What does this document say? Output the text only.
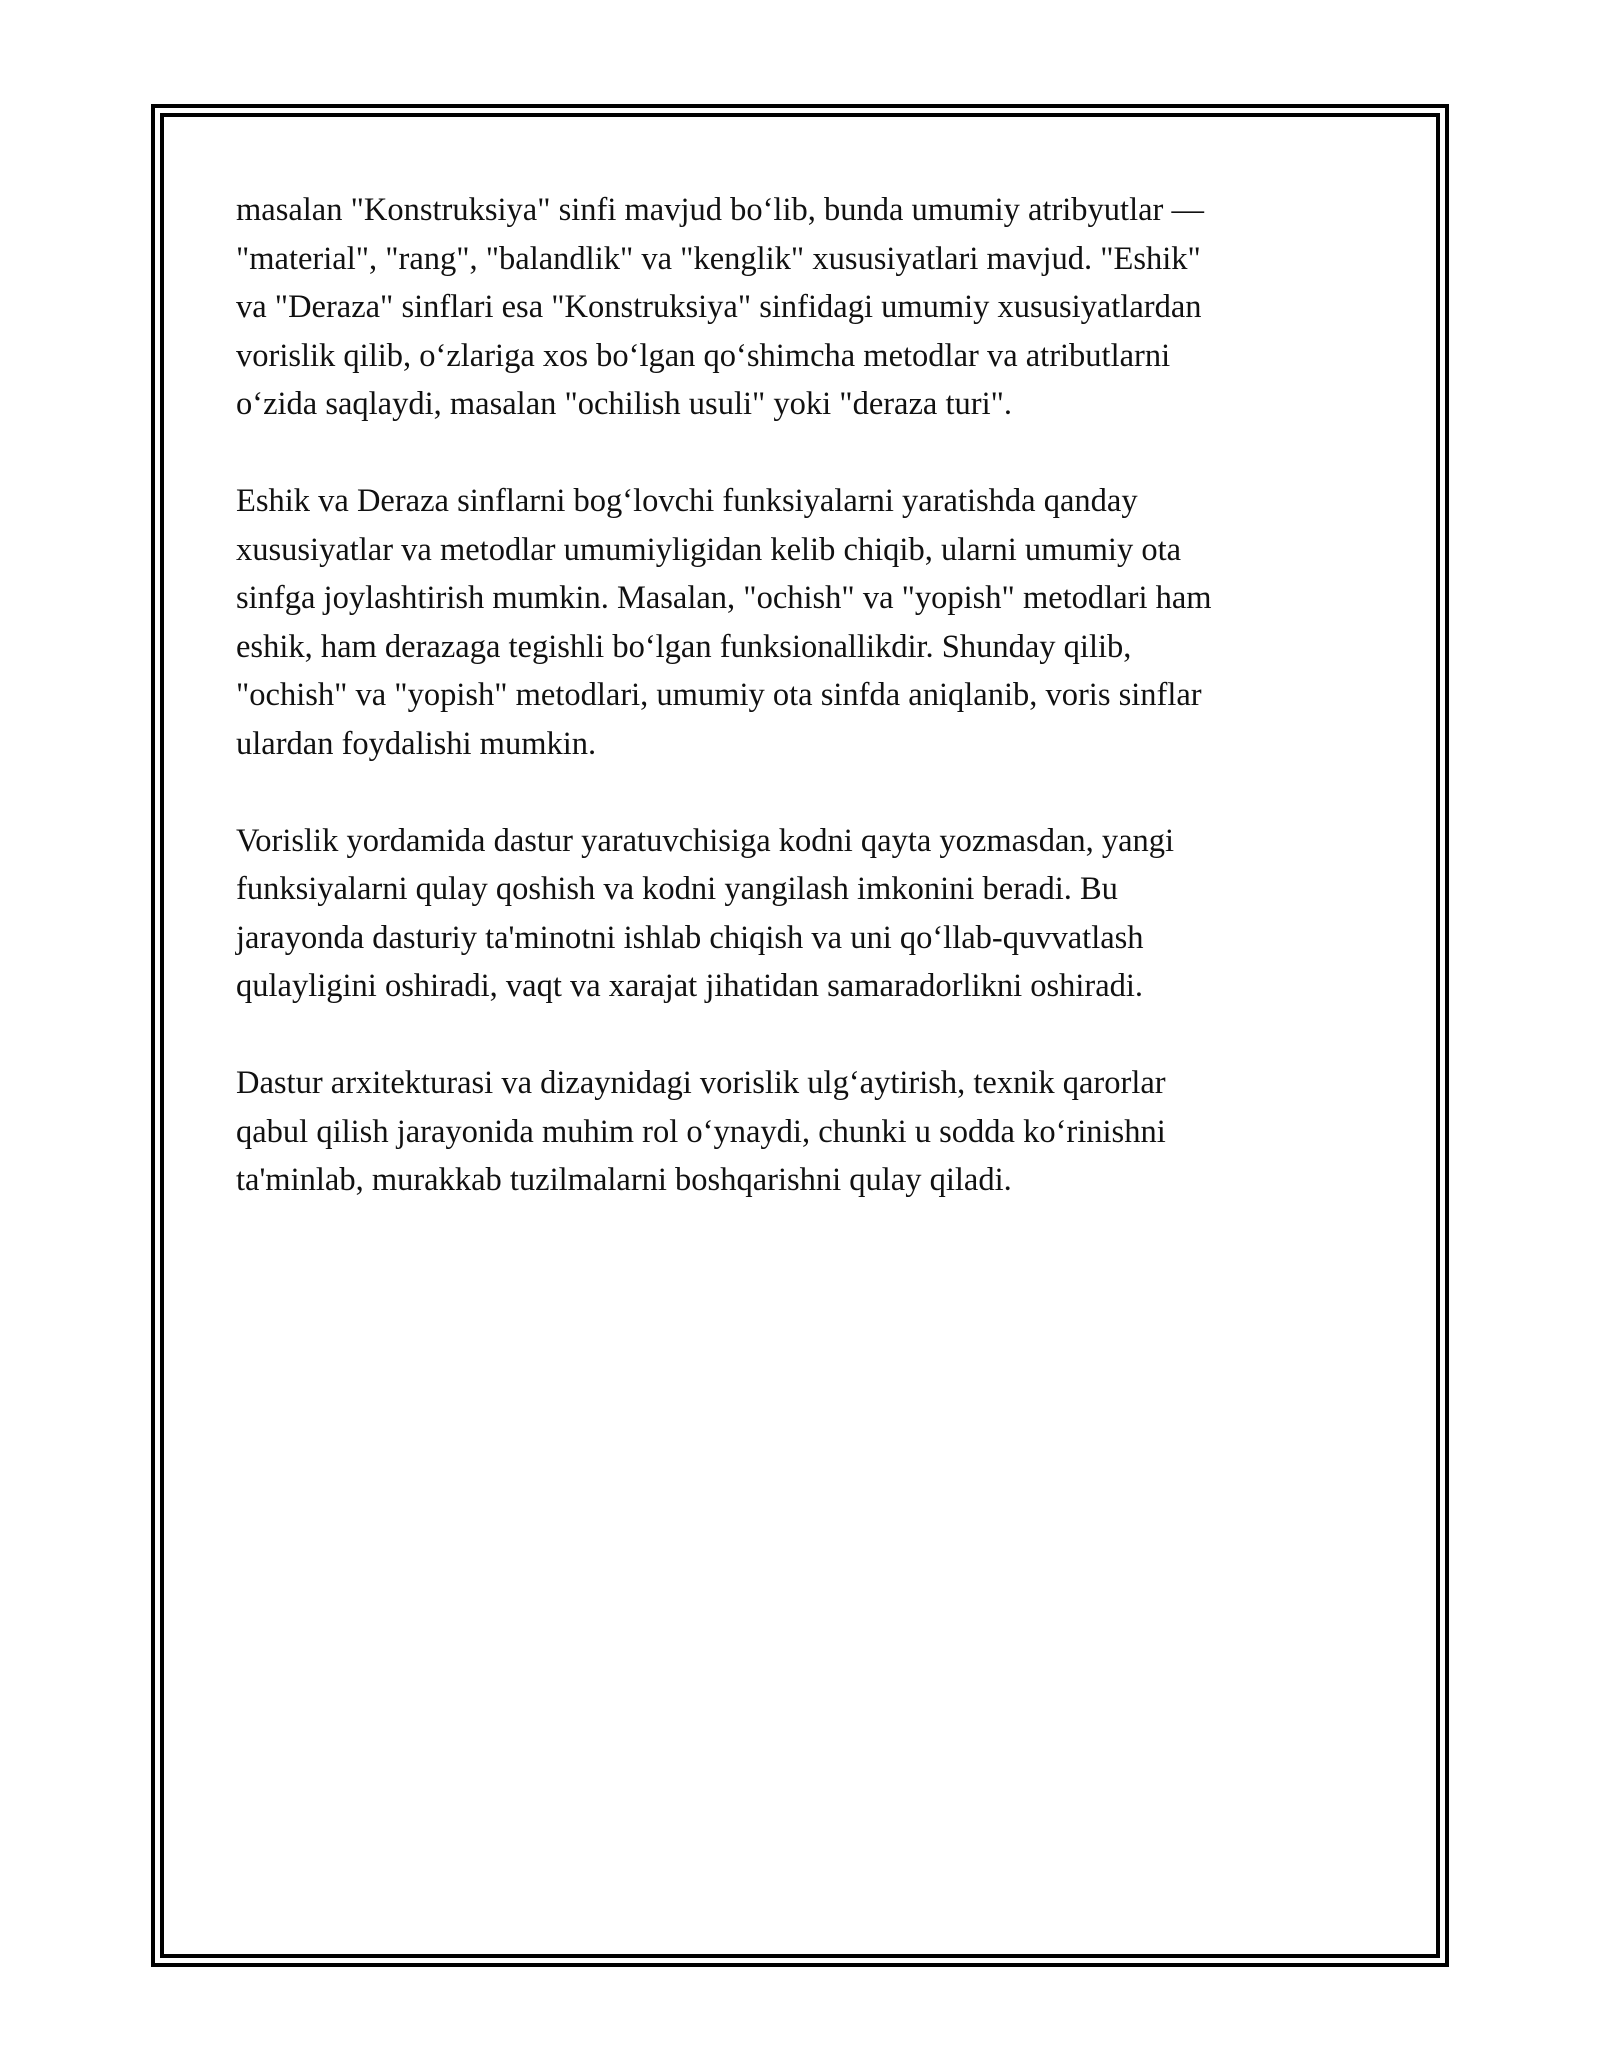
masalan "Konstruksiya" sinfi mavjud bo‘lib, bunda umumiy atribyutlar —
"material", "rang", "balandlik" va "kenglik" xususiyatlari mavjud. "Eshik"
va "Deraza" sinflari esa "Konstruksiya" sinfidagi umumiy xususiyatlardan
vorislik qilib, o‘zlariga xos bo‘lgan qo‘shimcha metodlar va atributlarni
o‘zida saqlaydi, masalan "ochilish usuli" yoki "deraza turi".

Eshik va Deraza sinflarni bog‘lovchi funksiyalarni yaratishda qanday
xususiyatlar va metodlar umumiyligidan kelib chiqib, ularni umumiy ota
sinfga joylashtirish mumkin. Masalan, "ochish" va "yopish" metodlari ham
eshik, ham derazaga tegishli bo‘lgan funksionallikdir. Shunday qilib,
"ochish" va "yopish" metodlari, umumiy ota sinfda aniqlanib, voris sinflar
ulardan foydalishi mumkin.

Vorislik yordamida dastur yaratuvchisiga kodni qayta yozmasdan, yangi
funksiyalarni qulay qoshish va kodni yangilash imkonini beradi. Bu
jarayonda dasturiy ta'minotni ishlab chiqish va uni qo‘llab-quvvatlash
qulayligini oshiradi, vaqt va xarajat jihatidan samaradorlikni oshiradi.

Dastur arxitekturasi va dizaynidagi vorislik ulg‘aytirish, texnik qarorlar
qabul qilish jarayonida muhim rol o‘ynaydi, chunki u sodda ko‘rinishni
ta'minlab, murakkab tuzilmalarni boshqarishni qulay qiladi.
